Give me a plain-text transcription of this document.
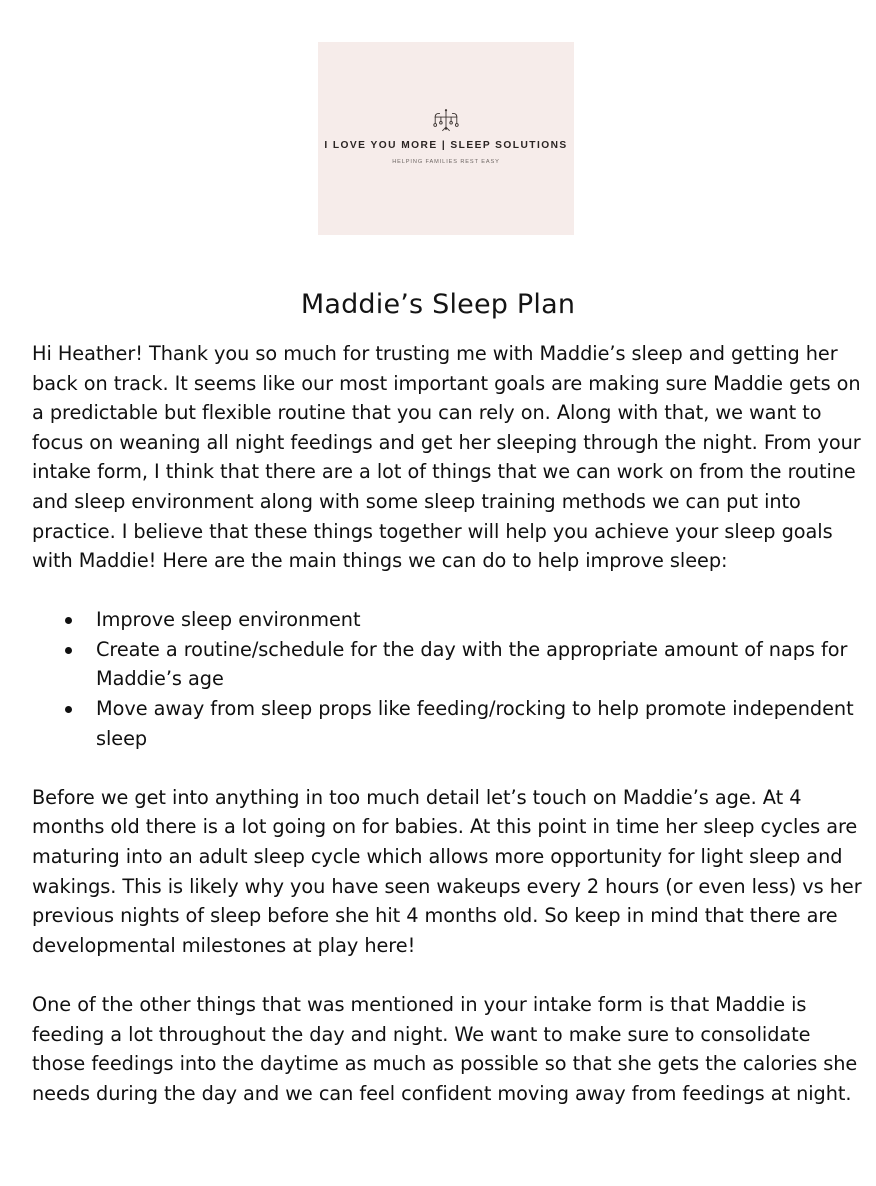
I LOVE YOU MORE | SLEEP SOLUTIONS
HELPING FAMILIES REST EASY
Maddie’s Sleep Plan

Hi Heather! Thank you so much for trusting me with Maddie’s sleep and getting her back on track. It seems like our most important goals are making sure Maddie gets on a predictable but flexible routine that you can rely on. Along with that, we want to focus on weaning all night feedings and get her sleeping through the night. From your intake form, I think that there are a lot of things that we can work on from the routine and sleep environment along with some sleep training methods we can put into practice. I believe that these things together will help you achieve your sleep goals with Maddie! Here are the main things we can do to help improve sleep:

Improve sleep environment
Create a routine/schedule for the day with the appropriate amount of naps for Maddie’s age
Move away from sleep props like feeding/rocking to help promote independent sleep

Before we get into anything in too much detail let’s touch on Maddie’s age. At 4 months old there is a lot going on for babies. At this point in time her sleep cycles are maturing into an adult sleep cycle which allows more opportunity for light sleep and wakings. This is likely why you have seen wakeups every 2 hours (or even less) vs her previous nights of sleep before she hit 4 months old. So keep in mind that there are developmental milestones at play here!

One of the other things that was mentioned in your intake form is that Maddie is feeding a lot throughout the day and night. We want to make sure to consolidate those feedings into the daytime as much as possible so that she gets the calories she needs during the day and we can feel confident moving away from feedings at night.
